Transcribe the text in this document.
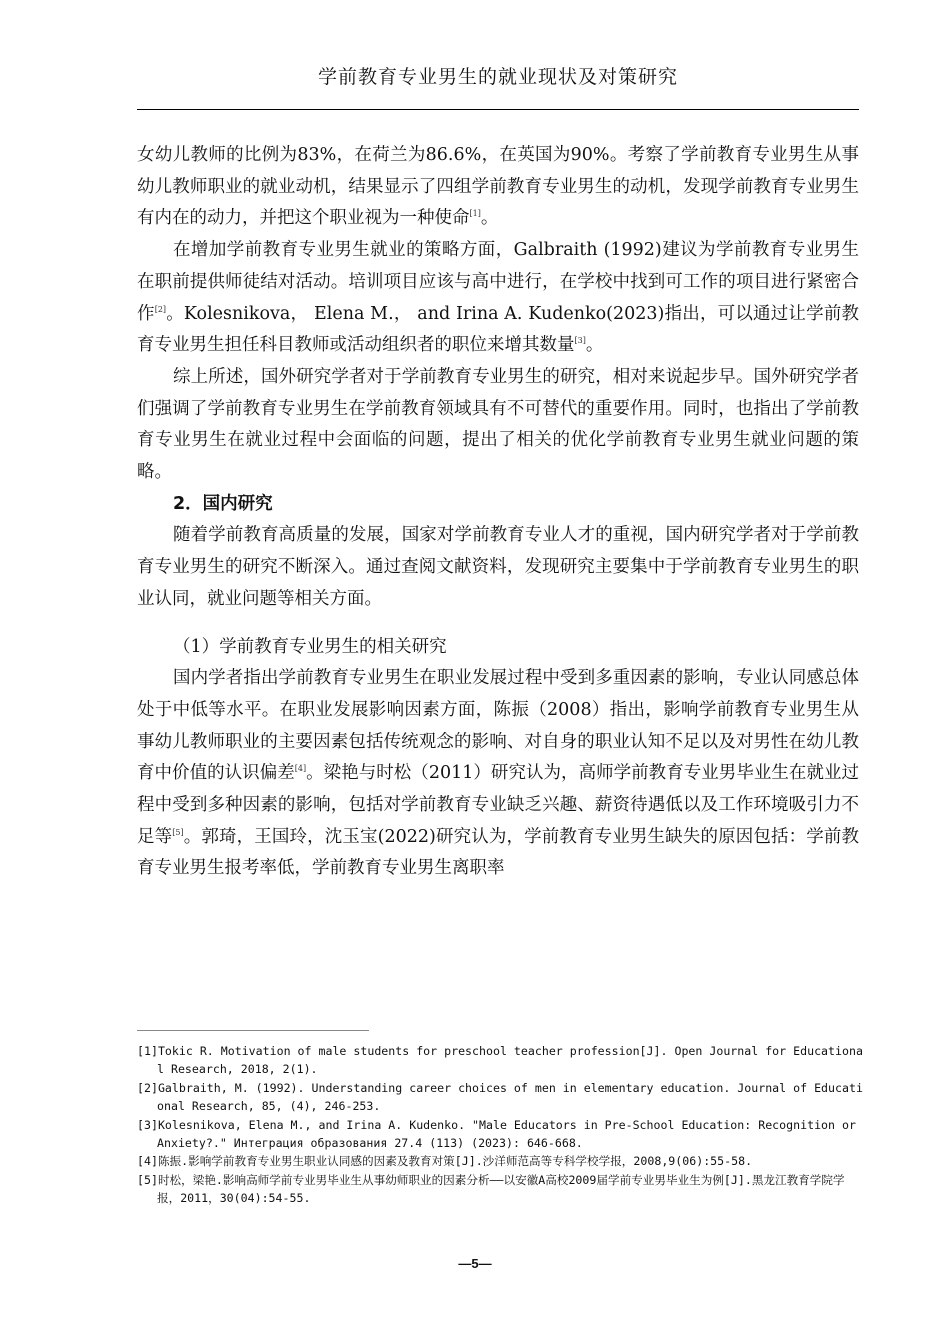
学前教育专业男生的就业现状及对策研究

女幼儿教师的比例为83%，在荷兰为86.6%，在英国为90%。考察了学前教育专业男生从事幼儿教师职业的就业动机，结果显示了四组学前教育专业男生的动机，发现学前教育专业男生有内在的动力，并把这个职业视为一种使命[1]。

在增加学前教育专业男生就业的策略方面，Galbraith (1992)建议为学前教育专业男生在职前提供师徒结对活动。培训项目应该与高中进行，在学校中找到可工作的项目进行紧密合作[2]。Kolesnikova， Elena M.， and Irina A. Kudenko(2023)指出，可以通过让学前教育专业男生担任科目教师或活动组织者的职位来增其数量[3]。

综上所述，国外研究学者对于学前教育专业男生的研究，相对来说起步早。国外研究学者们强调了学前教育专业男生在学前教育领域具有不可替代的重要作用。同时，也指出了学前教育专业男生在就业过程中会面临的问题，提出了相关的优化学前教育专业男生就业问题的策略。

2．国内研究

随着学前教育高质量的发展，国家对学前教育专业人才的重视，国内研究学者对于学前教育专业男生的研究不断深入。通过查阅文献资料，发现研究主要集中于学前教育专业男生的职业认同，就业问题等相关方面。

（1）学前教育专业男生的相关研究

国内学者指出学前教育专业男生在职业发展过程中受到多重因素的影响，专业认同感总体处于中低等水平。在职业发展影响因素方面，陈振（2008）指出，影响学前教育专业男生从事幼儿教师职业的主要因素包括传统观念的影响、对自身的职业认知不足以及对男性在幼儿教育中价值的认识偏差[4]。梁艳与时松（2011）研究认为，高师学前教育专业男毕业生在就业过程中受到多种因素的影响，包括对学前教育专业缺乏兴趣、薪资待遇低以及工作环境吸引力不足等[5]。郭琦，王国玲，沈玉宝(2022)研究认为，学前教育专业男生缺失的原因包括：学前教育专业男生报考率低，学前教育专业男生离职率

[1]Tokic R. Motivation of male students for preschool teacher profession[J]. Open Journal for Educational Research, 2018, 2(1).

[2]Galbraith, M. (1992). Understanding career choices of men in elementary education. Journal of Educational Research, 85, (4), 246-253.

[3]Kolesnikova, Elena M., and Irina A. Kudenko. "Male Educators in Pre-School Education: Recognition or Anxiety?." Интеграция образования 27.4 (113) (2023): 646-668.

[4]陈振.影响学前教育专业男生职业认同感的因素及教育对策[J].沙洋师范高等专科学校学报，2008,9(06):55-58.

[5]时松，梁艳.影响高师学前专业男毕业生从事幼师职业的因素分析——以安徽A高校2009届学前专业男毕业生为例[J].黑龙江教育学院学报，2011，30(04):54-55.

—5—
